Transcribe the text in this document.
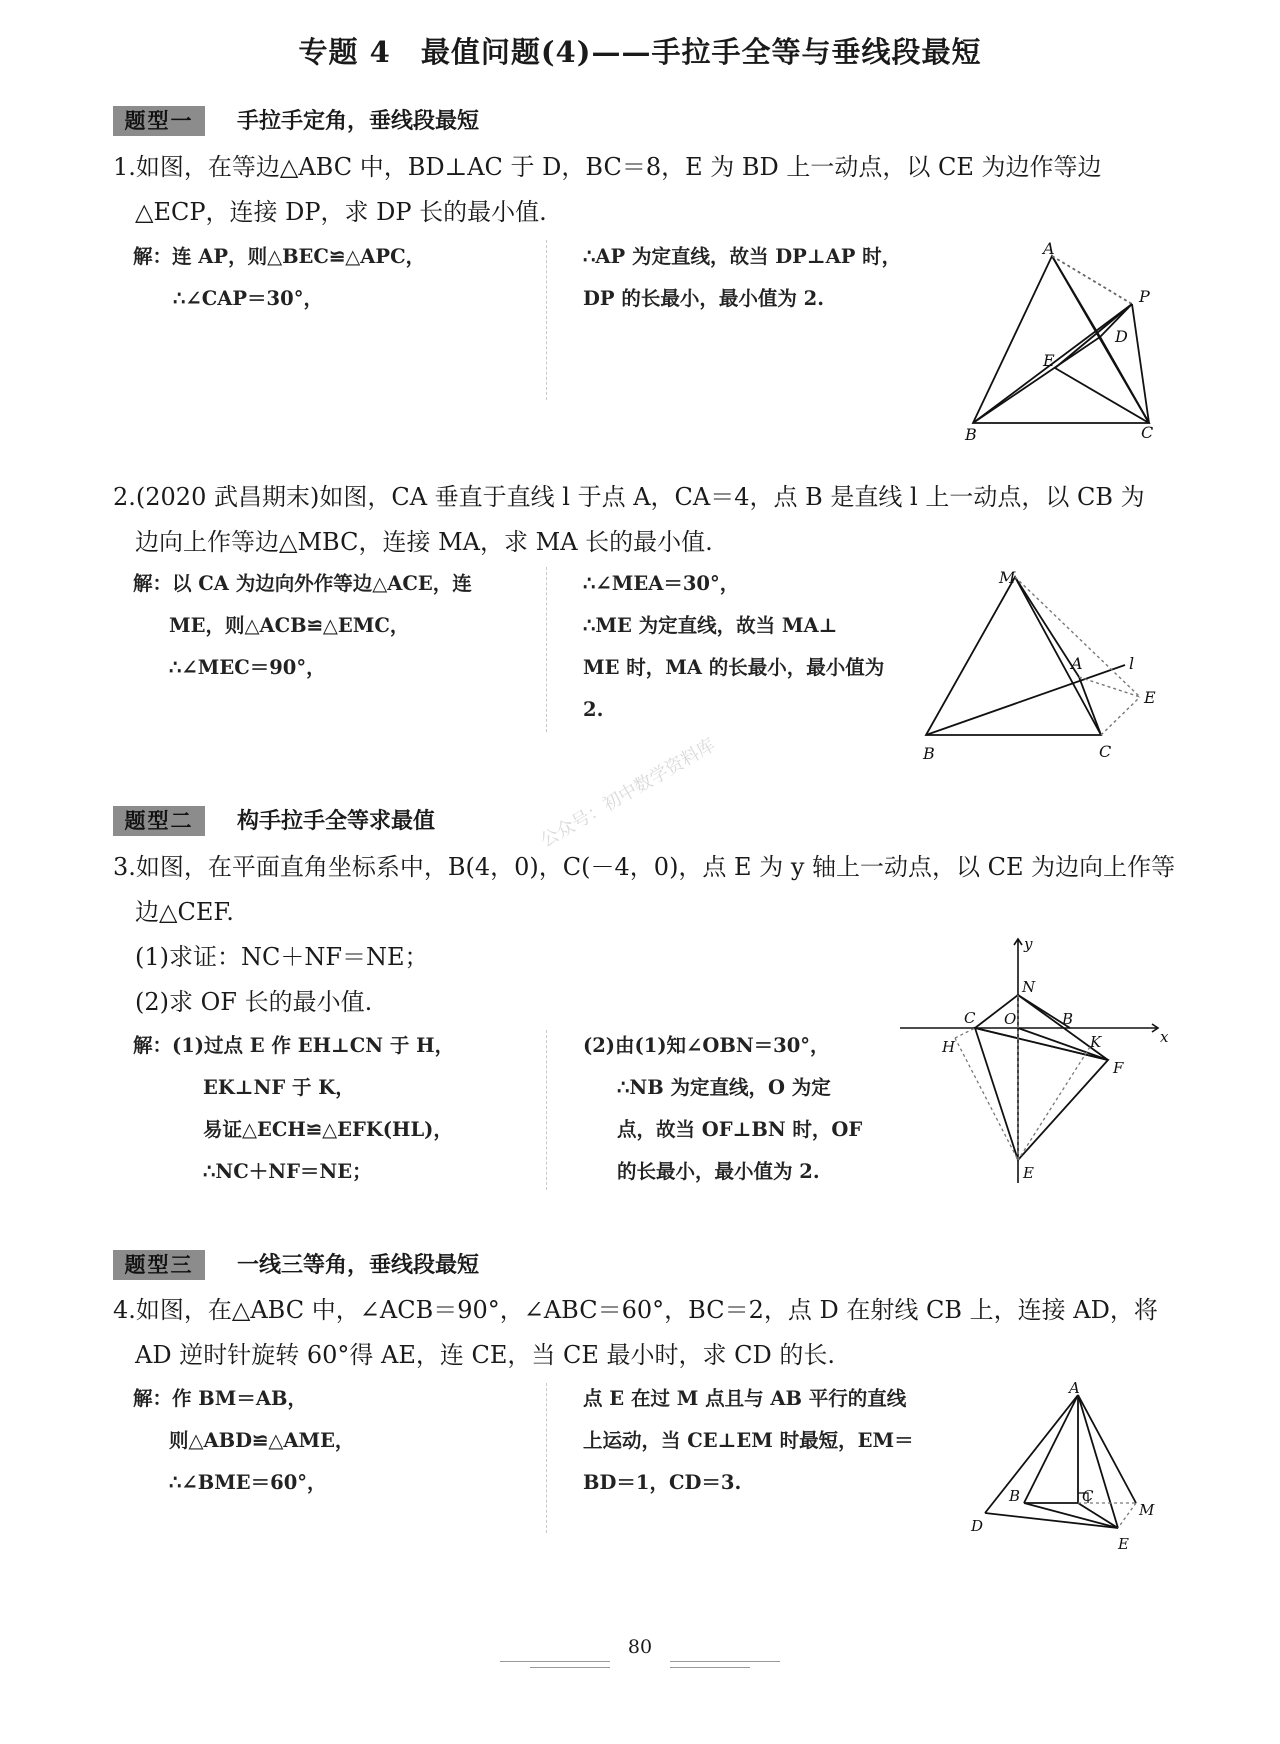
专题 4　最值问题(4)——手拉手全等与垂线段最短
题型一	手拉手定角，垂线段最短
1.如图，在等边△ABC 中，BD⊥AC 于 D，BC＝8，E 为 BD 上一动点，以 CE 为边作等边
△ECP，连接 DP，求 DP 长的最小值.
解：连 AP，则△BEC≌△APC，
∴∠CAP＝30°，
∴AP 为定直线，故当 DP⊥AP 时，
DP 的长最小，最小值为 2.
A
B	C
D
E
P
2.(2020 武昌期末)如图，CA 垂直于直线 l 于点 A，CA＝4，点 B 是直线 l 上一动点，以 CB 为
边向上作等边△MBC，连接 MA，求 MA 长的最小值.
解：以 CA 为边向外作等边△ACE，连
ME，则△ACB≌△EMC，
∴∠MEC＝90°，
∴∠MEA＝30°，
∴ME 为定直线，故当 MA⊥
ME 时，MA 的长最小，最小值为
2.
M
A	l
E
B	C
题型二	构手拉手全等求最值	公众号：初中数学资料库
3.如图，在平面直角坐标系中，B(4，0)，C(－4，0)，点 E 为 y 轴上一动点，以 CE 为边向上作等
边△CEF.
(1)求证：NC＋NF＝NE；
(2)求 OF 长的最小值.
解：(1)过点 E 作 EH⊥CN 于 H，
EK⊥NF 于 K，
易证△ECH≌△EFK(HL)，
∴NC＋NF＝NE；
(2)由(1)知∠OBN＝30°，
∴NB 为定直线，O 为定
点，故当 OF⊥BN 时，OF
的长最小，最小值为 2.
y
x
N
C O	B
H	K
F
E
题型三	一线三等角，垂线段最短
4.如图，在△ABC 中，∠ACB＝90°，∠ABC＝60°，BC＝2，点 D 在射线 CB 上，连接 AD，将
AD 逆时针旋转 60°得 AE，连 CE，当 CE 最小时，求 CD 的长.
解：作 BM＝AB，
则△ABD≌△AME，
∴∠BME＝60°，
点 E 在过 M 点且与 AB 平行的直线
上运动，当 CE⊥EM 时最短，EM＝
BD＝1，CD＝3.
A
B	C
D
M
E
80
